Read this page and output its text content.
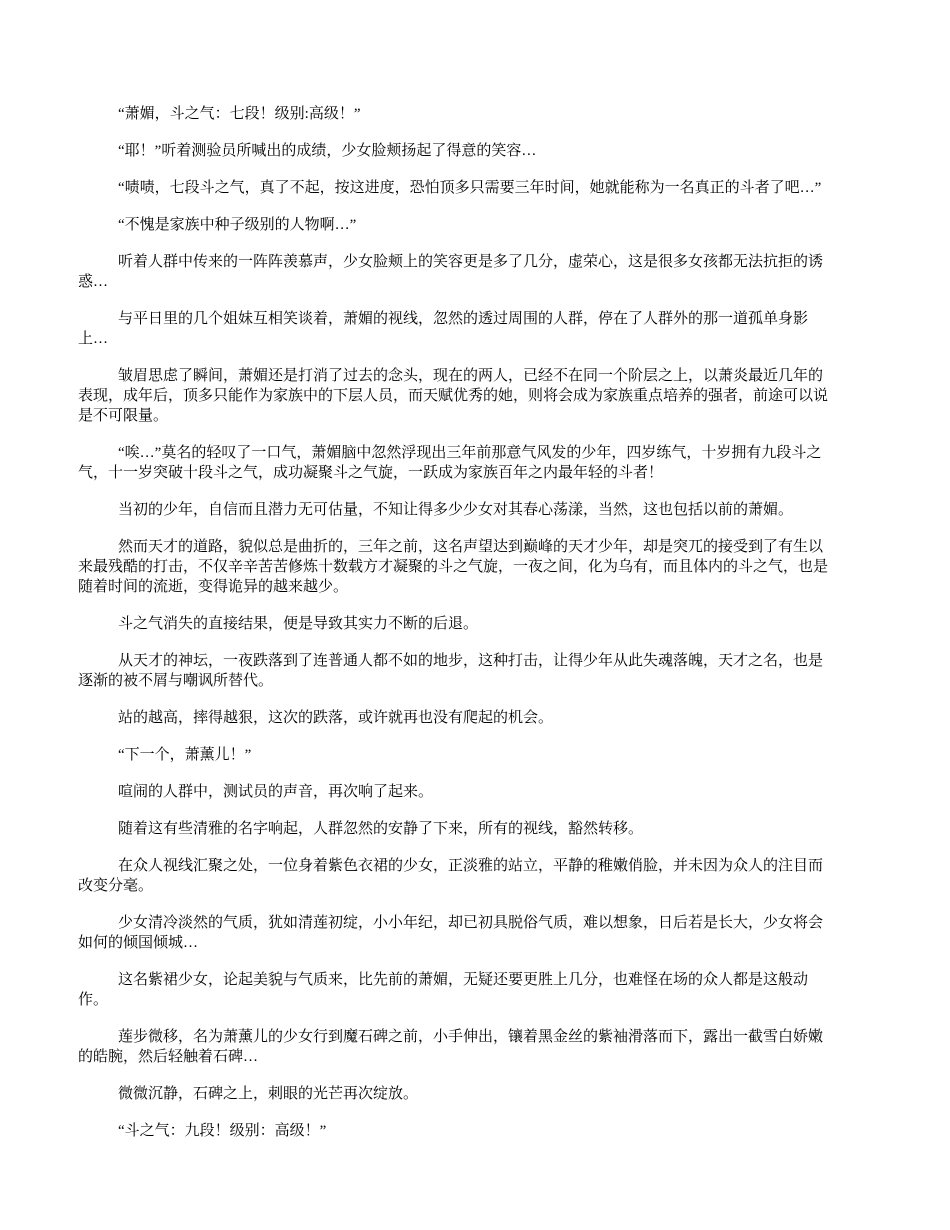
“萧媚，斗之气：七段！级别:高级！”

“耶！”听着测验员所喊出的成绩，少女脸颊扬起了得意的笑容…

“啧啧，七段斗之气，真了不起，按这进度，恐怕顶多只需要三年时间，她就能称为一名真正的斗者了吧…”

“不愧是家族中种子级别的人物啊…”

听着人群中传来的一阵阵羡慕声，少女脸颊上的笑容更是多了几分，虚荣心，这是很多女孩都无法抗拒的诱惑…

与平日里的几个姐妹互相笑谈着，萧媚的视线，忽然的透过周围的人群，停在了人群外的那一道孤单身影上…

皱眉思虑了瞬间，萧媚还是打消了过去的念头，现在的两人，已经不在同一个阶层之上，以萧炎最近几年的表现，成年后，顶多只能作为家族中的下层人员，而天赋优秀的她，则将会成为家族重点培养的强者，前途可以说是不可限量。

“唉…”莫名的轻叹了一口气，萧媚脑中忽然浮现出三年前那意气风发的少年，四岁练气，十岁拥有九段斗之气，十一岁突破十段斗之气，成功凝聚斗之气旋，一跃成为家族百年之内最年轻的斗者！

当初的少年，自信而且潜力无可估量，不知让得多少少女对其春心荡漾，当然，这也包括以前的萧媚。

然而天才的道路，貌似总是曲折的，三年之前，这名声望达到巅峰的天才少年，却是突兀的接受到了有生以来最残酷的打击，不仅辛辛苦苦修炼十数载方才凝聚的斗之气旋，一夜之间，化为乌有，而且体内的斗之气，也是随着时间的流逝，变得诡异的越来越少。

斗之气消失的直接结果，便是导致其实力不断的后退。

从天才的神坛，一夜跌落到了连普通人都不如的地步，这种打击，让得少年从此失魂落魄，天才之名，也是逐渐的被不屑与嘲讽所替代。

站的越高，摔得越狠，这次的跌落，或许就再也没有爬起的机会。

“下一个，萧薰儿！”

喧闹的人群中，测试员的声音，再次响了起来。

随着这有些清雅的名字响起，人群忽然的安静了下来，所有的视线，豁然转移。

在众人视线汇聚之处，一位身着紫色衣裙的少女，正淡雅的站立，平静的稚嫩俏脸，并未因为众人的注目而改变分毫。

少女清冷淡然的气质，犹如清莲初绽，小小年纪，却已初具脱俗气质，难以想象，日后若是长大，少女将会如何的倾国倾城…

这名紫裙少女，论起美貌与气质来，比先前的萧媚，无疑还要更胜上几分，也难怪在场的众人都是这般动作。

莲步微移，名为萧薰儿的少女行到魔石碑之前，小手伸出，镶着黑金丝的紫袖滑落而下，露出一截雪白娇嫩的皓腕，然后轻触着石碑…

微微沉静，石碑之上，刺眼的光芒再次绽放。

“斗之气：九段！级别：高级！”
